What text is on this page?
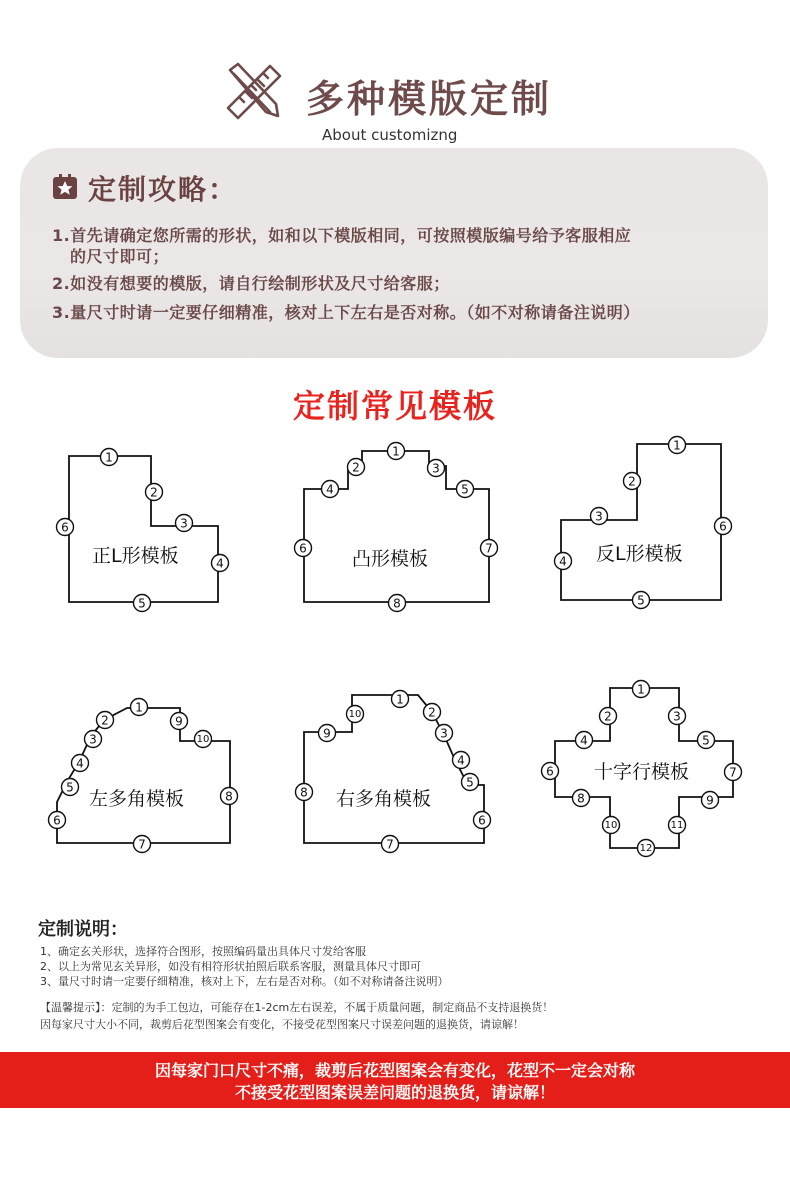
多种模版定制
About customizng
定制攻略：
1.首先请确定您所需的形状，如和以下模版相同，可按照模版编号给予客服相应
的尺寸即可；
2.如没有想要的模版，请自行绘制形状及尺寸给客服；
3.量尺寸时请一定要仔细精准，核对上下左右是否对称。（如不对称请备注说明）
定制常见模板
正L形模板
1
2
3
4
5
6
凸形模板
1
2	3
4	5
6	7
8
反L形模板
1
2
3
4
5
6
左多角模板
1
2
3
4
5
6
7
8
9
10
右多角模板
1
2
3
4
5
6
7
8
9
10
十字行模板
1
2	3
4	5
6	7
8	9
10	11
12
定制说明：
1、确定玄关形状，选择符合图形，按照编码量出具体尺寸发给客服
2、以上为常见玄关异形，如没有相符形状拍照后联系客服，测量具体尺寸即可
3、量尺寸时请一定要仔细精准，核对上下，左右是否对称。（如不对称请备注说明）
【温馨提示】：定制的为手工包边，可能存在1-2cm左右误差，不属于质量问题，制定商品不支持退换货！
因每家尺寸大小不同，裁剪后花型图案会有变化，不接受花型图案尺寸误差问题的退换货，请谅解！
因每家门口尺寸不痛，裁剪后花型图案会有变化，花型不一定会对称
不接受花型图案误差问题的退换货，请谅解！
